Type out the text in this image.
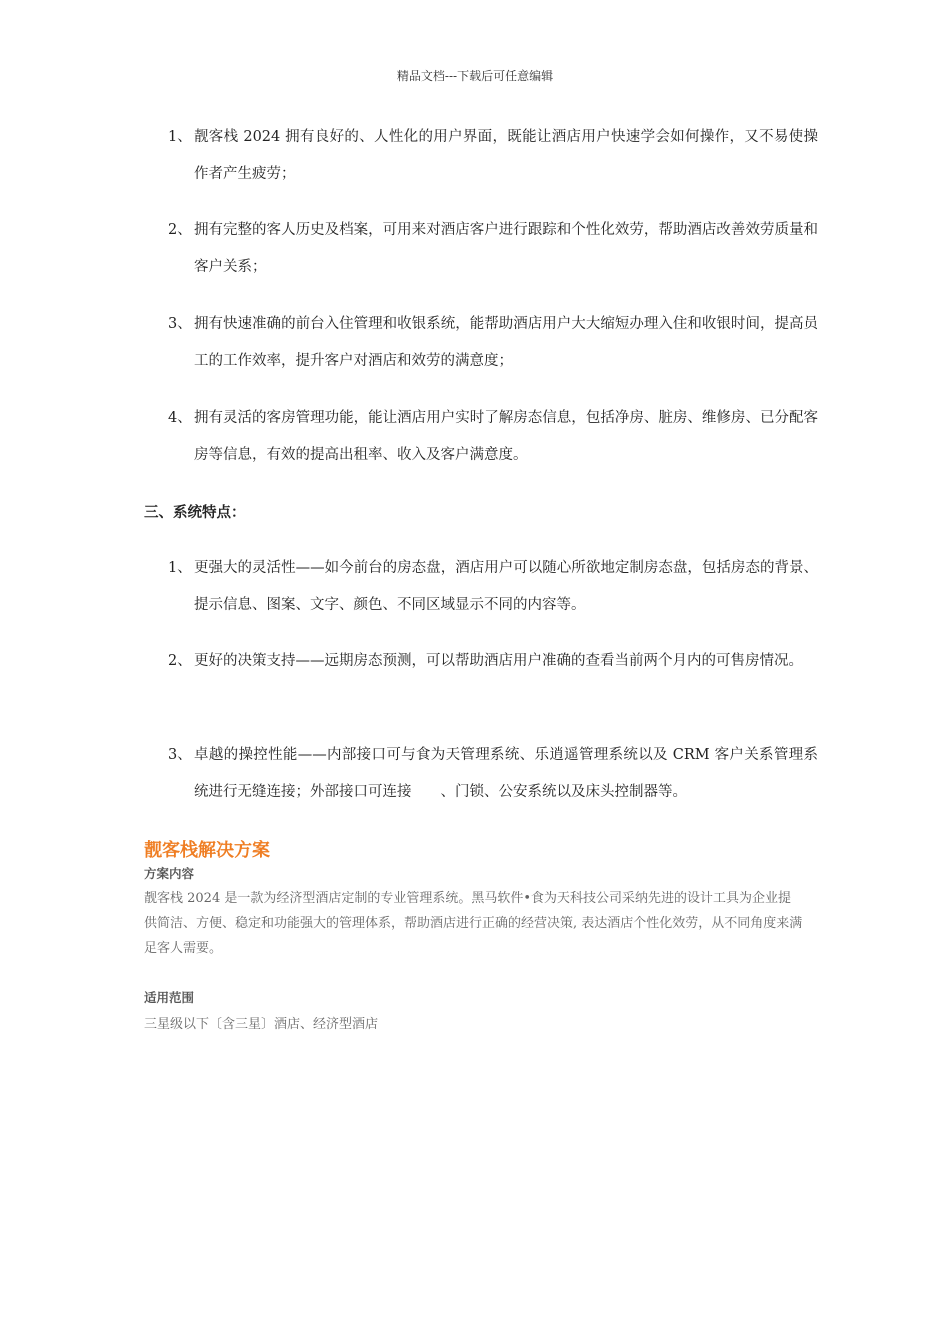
精品文档---下载后可任意编辑
1、 靓客栈 2024 拥有良好的、人性化的用户界面，既能让酒店用户快速学会如何操作，又不易使操作者产生疲劳；
2、 拥有完整的客人历史及档案，可用来对酒店客户进行跟踪和个性化效劳，帮助酒店改善效劳质量和客户关系；
3、 拥有快速准确的前台入住管理和收银系统，能帮助酒店用户大大缩短办理入住和收银时间，提高员工的工作效率，提升客户对酒店和效劳的满意度；
4、 拥有灵活的客房管理功能，能让酒店用户实时了解房态信息，包括净房、脏房、维修房、已分配客房等信息，有效的提高出租率、收入及客户满意度。
三、系统特点：
1、 更强大的灵活性——如今前台的房态盘，酒店用户可以随心所欲地定制房态盘，包括房态的背景、提示信息、图案、文字、颜色、不同区域显示不同的内容等。
2、 更好的决策支持——远期房态预测，可以帮助酒店用户准确的查看当前两个月内的可售房情况。
3、 卓越的操控性能——内部接口可与食为天管理系统、乐逍遥管理系统以及 CRM 客户关系管理系统进行无缝连接；外部接口可连接　　、门锁、公安系统以及床头控制器等。
靓客栈解决方案
方案内容
靓客栈 2024 是一款为经济型酒店定制的专业管理系统。黑马软件•食为天科技公司采纳先进的设计工具为企业提供简洁、方便、稳定和功能强大的管理体系，帮助酒店进行正确的经营决策, 表达酒店个性化效劳，从不同角度来满足客人需要。
适用范围
三星级以下〔含三星〕酒店、经济型酒店
